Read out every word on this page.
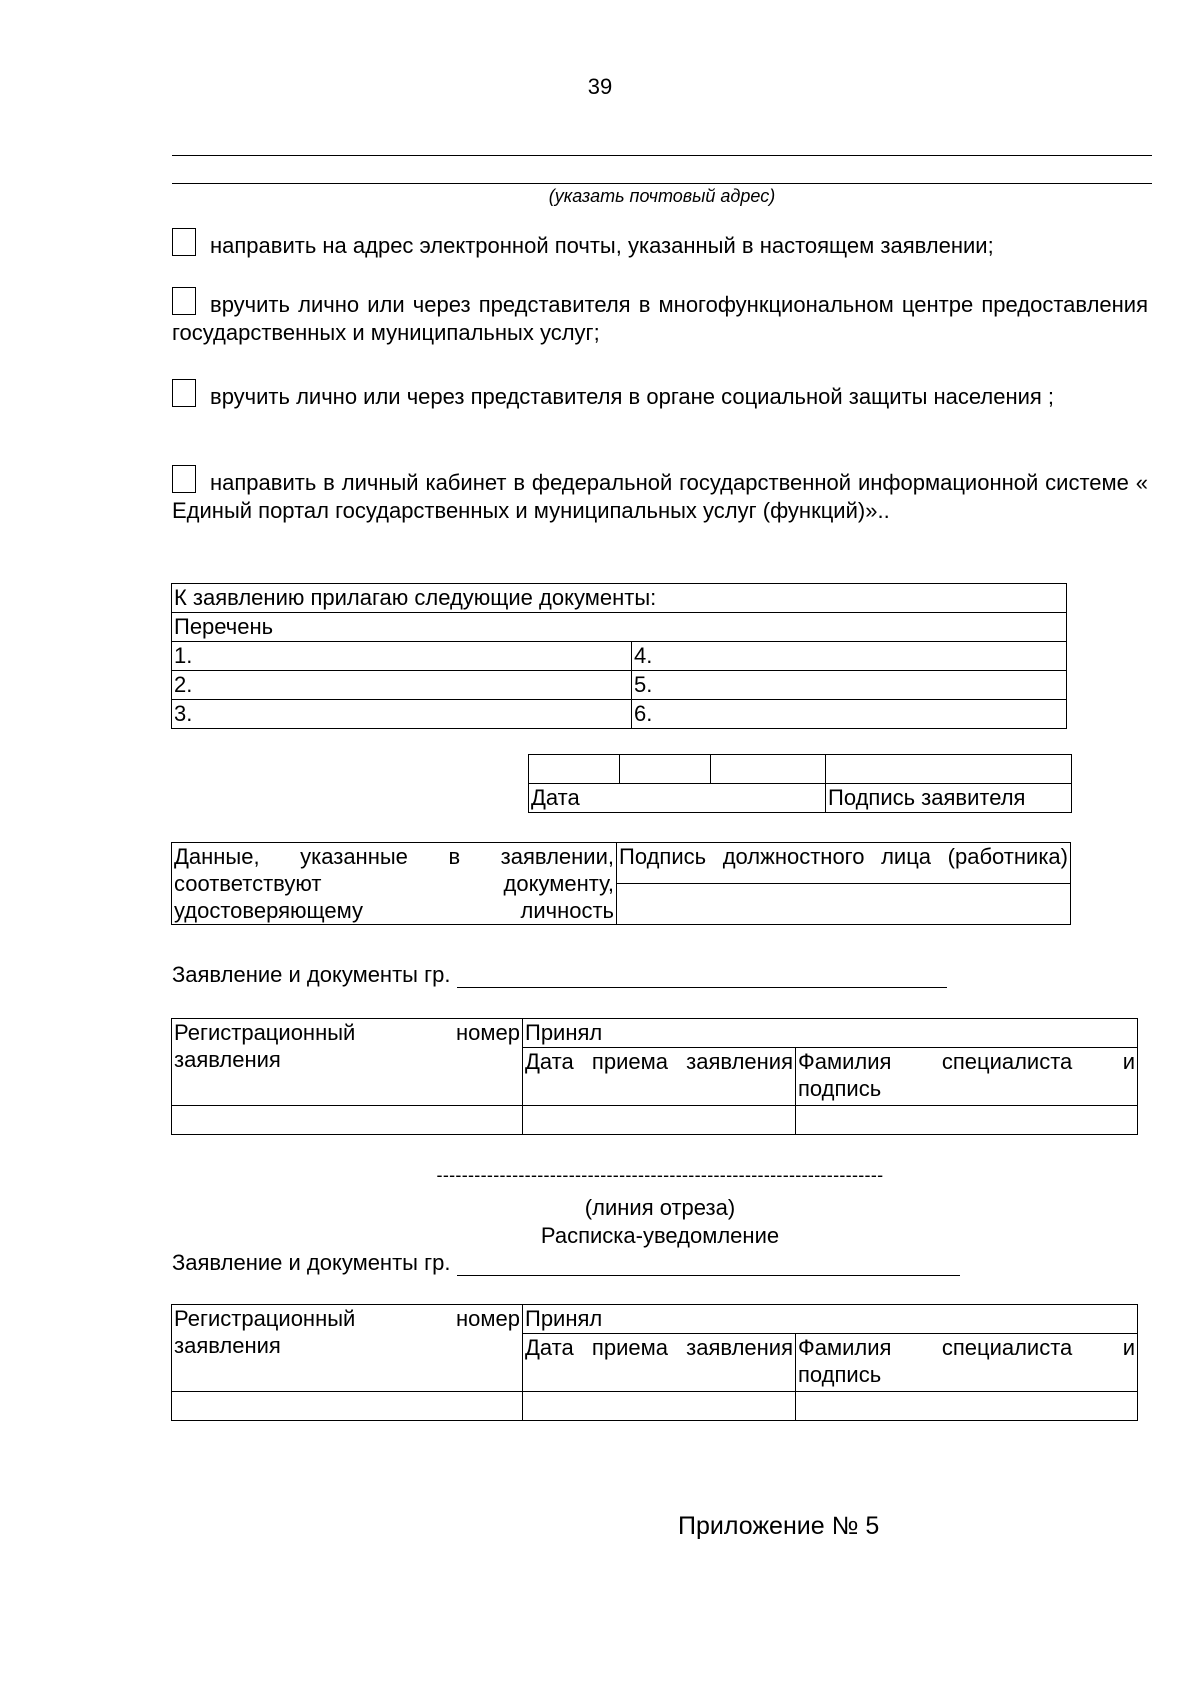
39
(указать почтовый адрес)

направить на адрес электронной почты, указанный в настоящем заявлении;

вручить лично или через представителя в многофункциональном центре предоставления государственных и муниципальных услуг;

вручить лично или через представителя в органе социальной защиты населения ;

направить в личный кабинет в федеральной государственной информационной системе « Единый портал государственных и муниципальных услуг (функций)»..

К заявлению прилагаю следующие документы:	
Перечень	
1.	4.
2.	5.
3.	6.

Дата			Подпись заявителя
Данные, указанные в заявлении, соответствуют документу, удостоверяющему личность	Подпись должностного лица (работника)

Заявление и документы гр.
Регистрационный номер заявления	Принял	
	Дата приема заявления	Фамилия специалиста и подпись

-----------------------------------------------------------------------
(линия отреза)
Расписка-уведомление
Заявление и документы гр.
Регистрационный номер заявления	Принял	
	Дата приема заявления	Фамилия специалиста и подпись

Приложение № 5
